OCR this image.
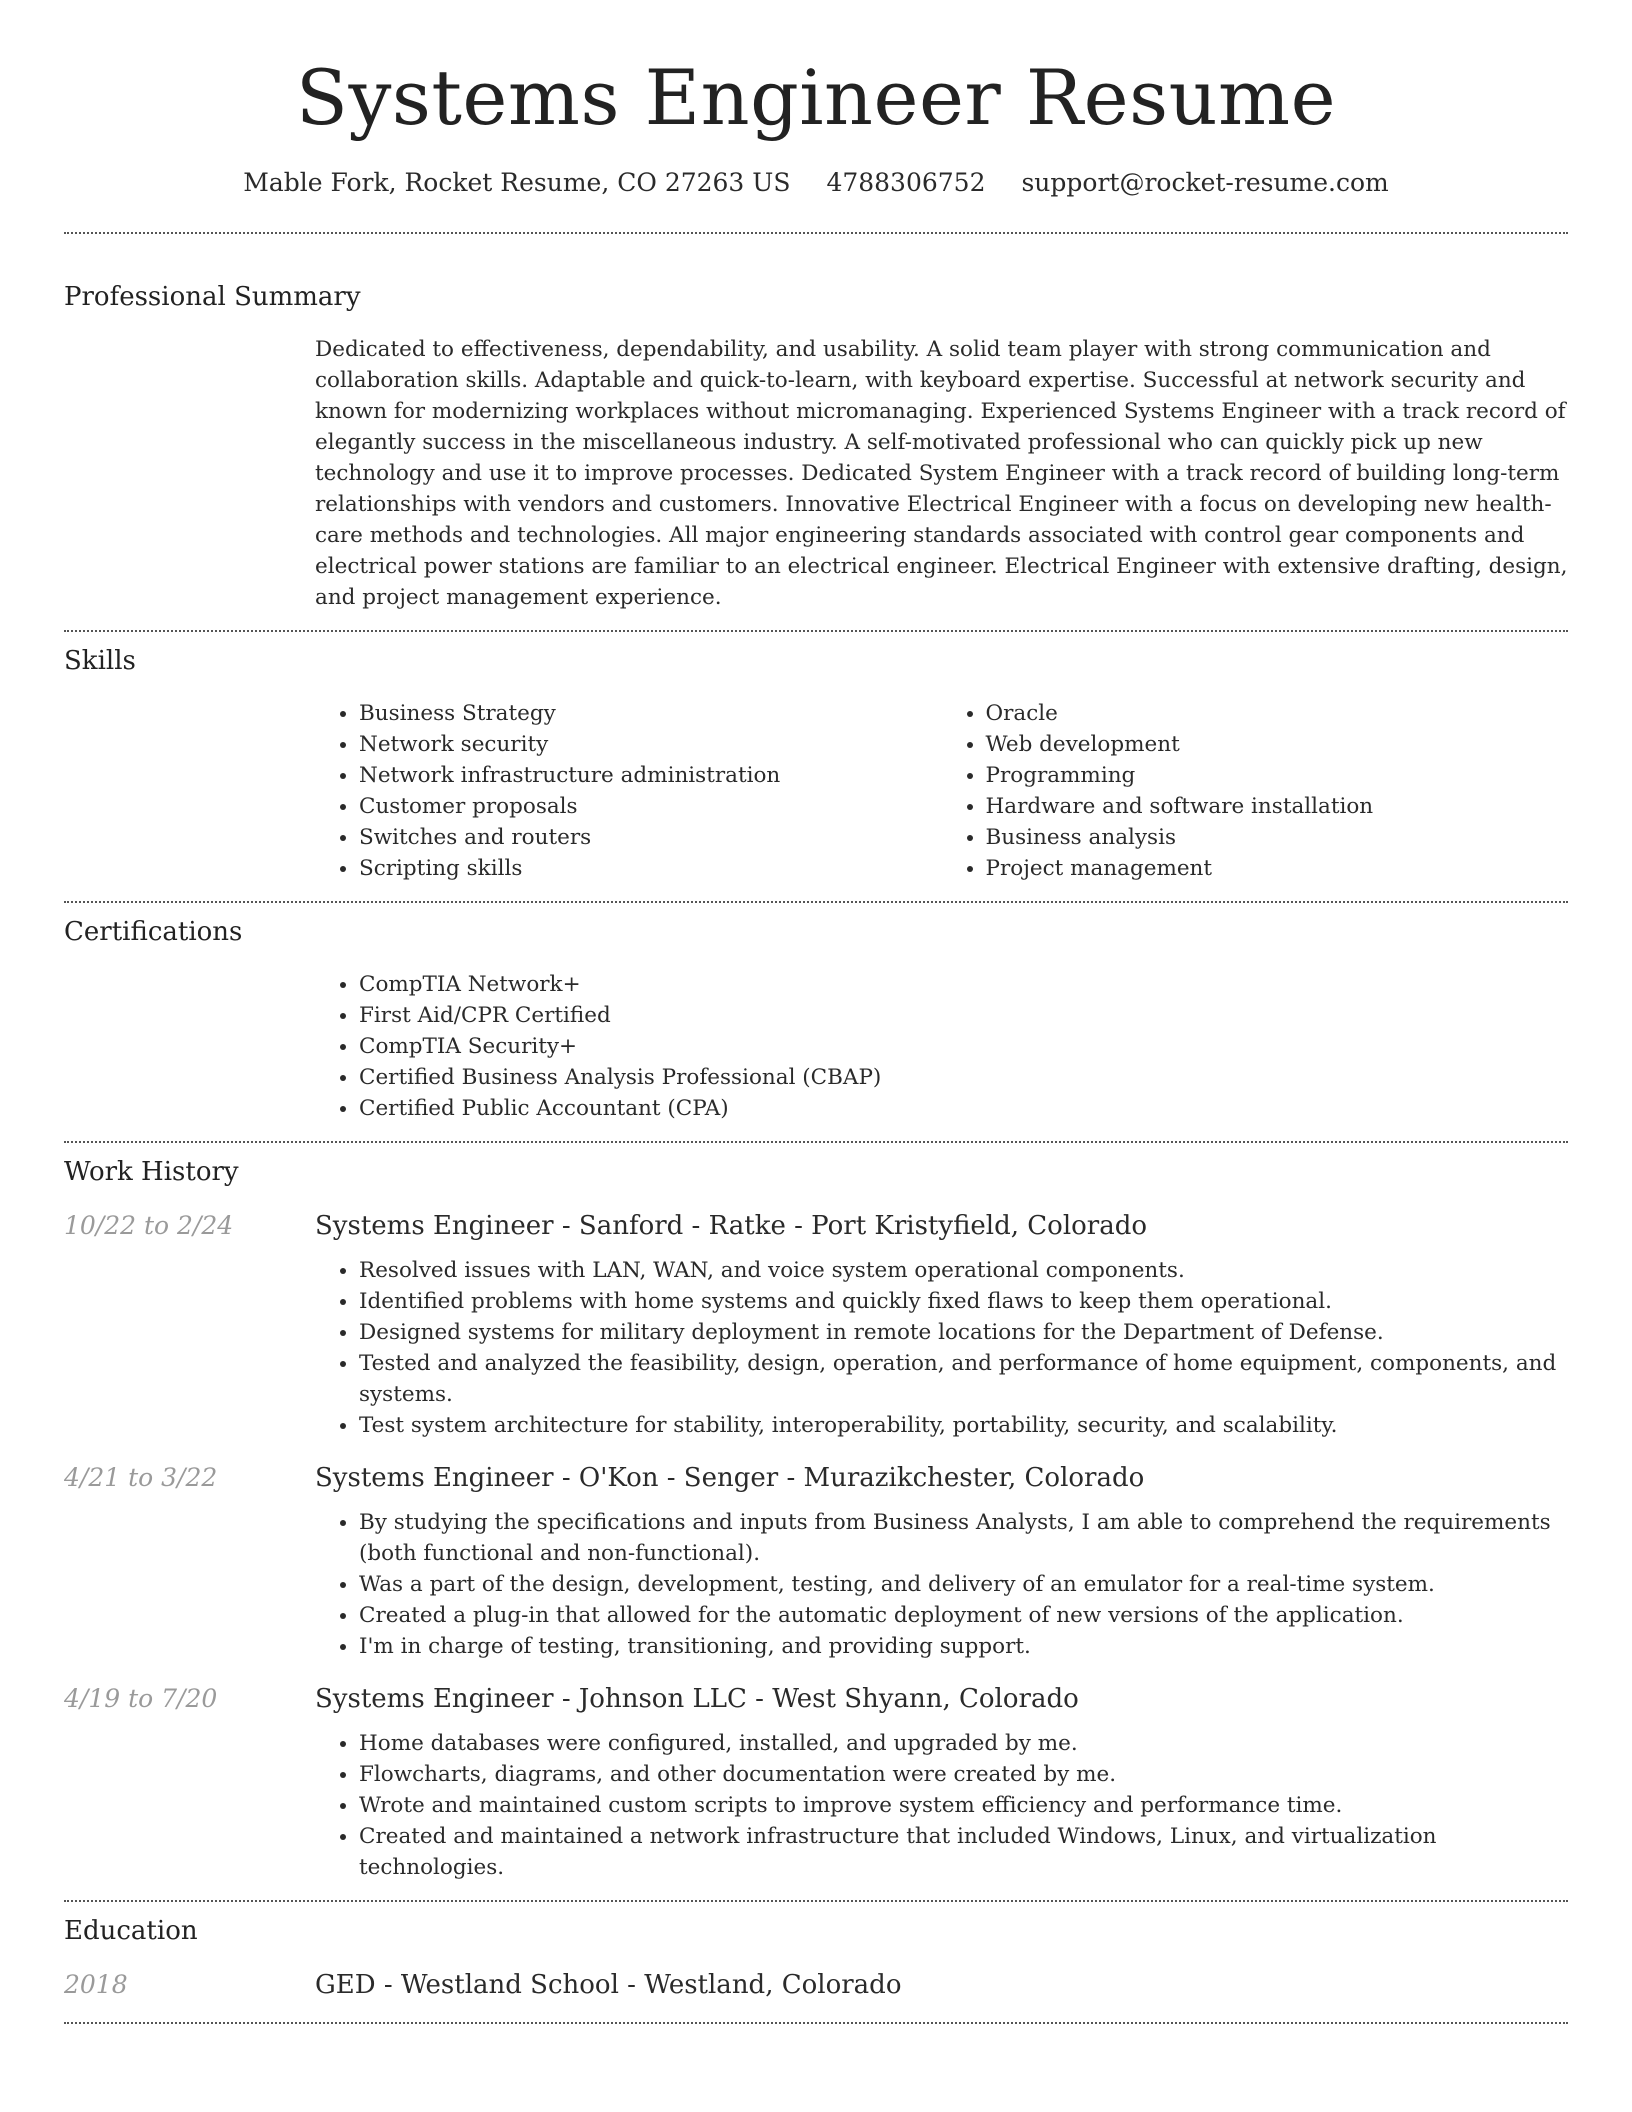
Systems Engineer Resume
Mable Fork, Rocket Resume, CO 27263 US 4788306752 support@rocket-resume.com
Professional Summary

Dedicated to effectiveness, dependability, and usability. A solid team player with strong communication and collaboration skills. Adaptable and quick-to-learn, with keyboard expertise. Successful at network security and known for modernizing workplaces without micromanaging. Experienced Systems Engineer with a track record of elegantly success in the miscellaneous industry. A self-motivated professional who can quickly pick up new technology and use it to improve processes. Dedicated System Engineer with a track record of building long-term relationships with vendors and customers. Innovative Electrical Engineer with a focus on developing new health-care methods and technologies. All major engineering standards associated with control gear components and electrical power stations are familiar to an electrical engineer. Electrical Engineer with extensive drafting, design, and project management experience.

Skills
• Business Strategy
• Network security
• Network infrastructure administration
• Customer proposals
• Switches and routers
• Scripting skills
• Oracle
• Web development
• Programming
• Hardware and software installation
• Business analysis
• Project management
Certifications
• CompTIA Network+
• First Aid/CPR Certified
• CompTIA Security+
• Certified Business Analysis Professional (CBAP)
• Certified Public Accountant (CPA)
Work History
10/22 to 2/24	Systems Engineer - Sanford - Ratke - Port Kristyfield, Colorado
• Resolved issues with LAN, WAN, and voice system operational components.
• Identified problems with home systems and quickly fixed flaws to keep them operational.
• Designed systems for military deployment in remote locations for the Department of Defense.
• Tested and analyzed the feasibility, design, operation, and performance of home equipment, components, and systems.
• Test system architecture for stability, interoperability, portability, security, and scalability.
4/21 to 3/22	Systems Engineer - O'Kon - Senger - Murazikchester, Colorado
• By studying the specifications and inputs from Business Analysts, I am able to comprehend the requirements (both functional and non-functional).
• Was a part of the design, development, testing, and delivery of an emulator for a real-time system.
• Created a plug-in that allowed for the automatic deployment of new versions of the application.
• I'm in charge of testing, transitioning, and providing support.
4/19 to 7/20	Systems Engineer - Johnson LLC - West Shyann, Colorado
• Home databases were configured, installed, and upgraded by me.
• Flowcharts, diagrams, and other documentation were created by me.
• Wrote and maintained custom scripts to improve system efficiency and performance time.
• Created and maintained a network infrastructure that included Windows, Linux, and virtualization technologies.
Education
2018	GED - Westland School - Westland, Colorado
